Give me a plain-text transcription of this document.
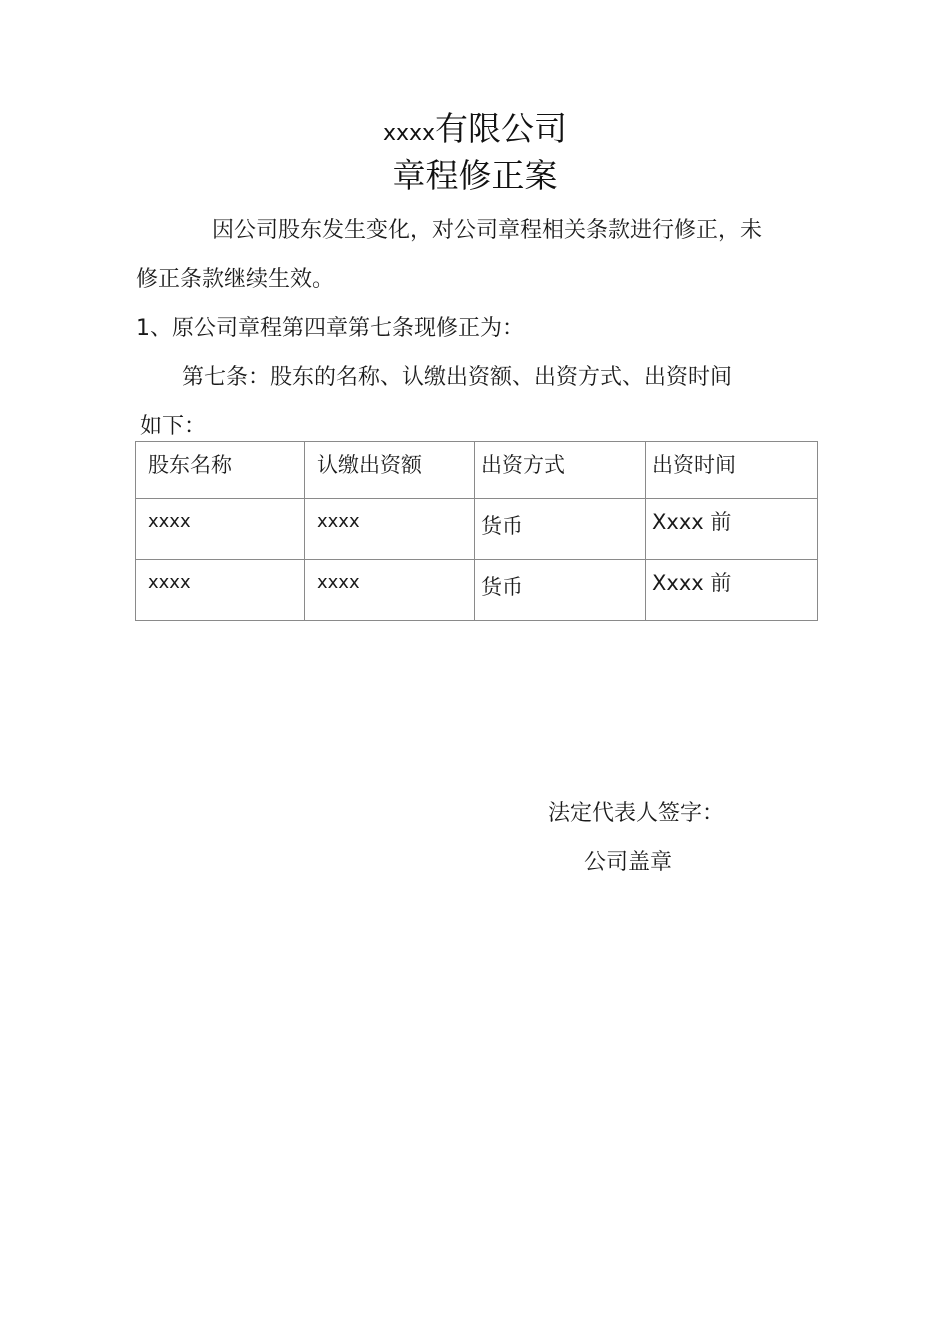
xxxx有限公司
章程修正案
因公司股东发生变化，对公司章程相关条款进行修正，未
修正条款继续生效。
1、原公司章程第四章第七条现修正为：
第七条：股东的名称、认缴出资额、出资方式、出资时间
如下：
股东名称	认缴出资额	出资方式	出资时间
xxxx	xxxx	货币	Xxxx 前
xxxx	xxxx	货币	Xxxx 前
法定代表人签字：
公司盖章
